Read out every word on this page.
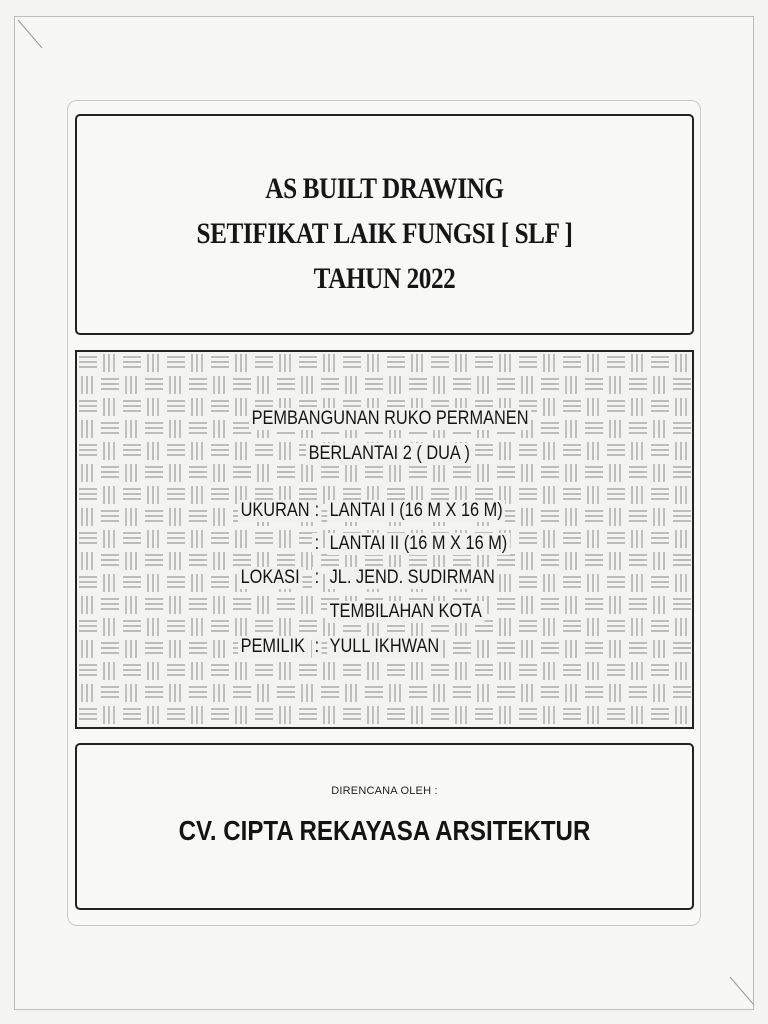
AS BUILT DRAWING
SETIFIKAT LAIK FUNGSI [ SLF ]
TAHUN 2022
PEMBANGUNAN RUKO PERMANEN
BERLANTAI 2 ( DUA )
UKURAN : LANTAI I (16 M X 16 M)
: LANTAI II (16 M X 16 M)
LOKASI : JL. JEND. SUDIRMAN
TEMBILAHAN KOTA
PEMILIK : YULL IKHWAN
DIRENCANA OLEH :
CV. CIPTA REKAYASA ARSITEKTUR
